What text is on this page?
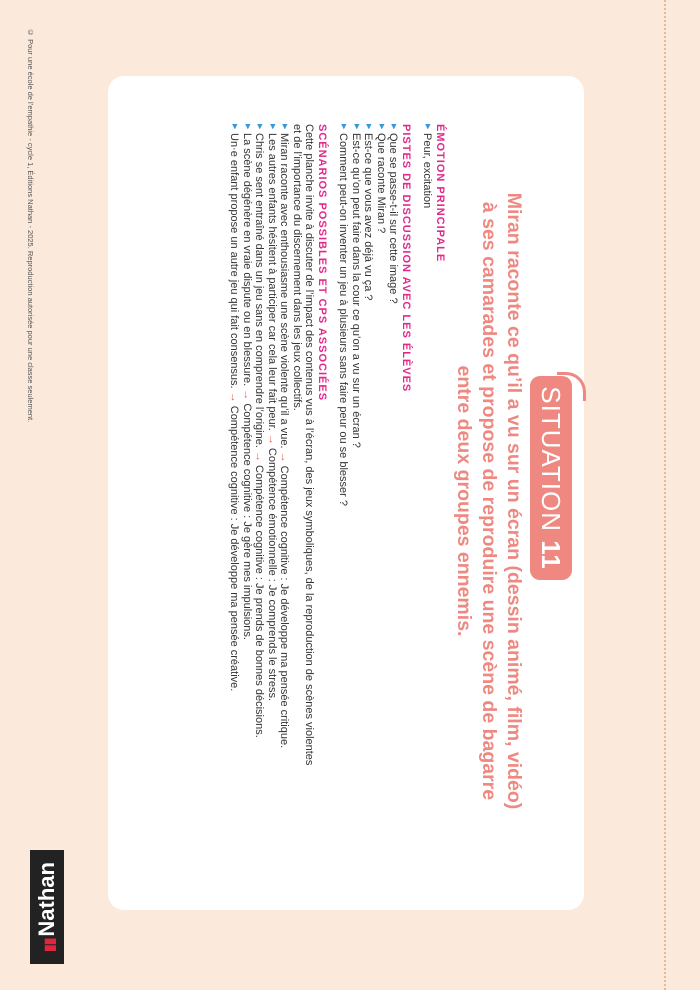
© Pour une école de l’empathie - cycle 1, Éditions Nathan - 2025. Reproduction autorisée pour une classe seulement.
▮▮Nathan
SITUATION 11
Miran raconte ce qu’il a vu sur un écran (dessin animé, film, vidéo)
à ses camarades et propose de reproduire une scène de bagarre
entre deux groupes ennemis.
ÉMOTION PRINCIPALE
▶ Peur, excitation
PISTES DE DISCUSSION AVEC LES ÉLÈVES
▶ Que se passe-t-il sur cette image ?
▶ Que raconte Miran ?
▶ Est-ce que vous avez déjà vu ça ?
▶ Est-ce qu’on peut faire dans la cour ce qu’on a vu sur un écran ?
▶ Comment peut-on inventer un jeu à plusieurs sans faire peur ou se blesser ?
SCÉNARIOS POSSIBLES ET CPS ASSOCIÉES
Cette planche invite à discuter de l’impact des contenus vus à l’écran, des jeux symboliques, de la reproduction de scènes violentes
et de l’importance du discernement dans les jeux collectifs.
▶ Miran raconte avec enthousiasme une scène violente qu’il a vue. → Compétence cognitive : Je développe ma pensée critique.
▶ Les autres enfants hésitent à participer car cela leur fait peur. → Compétence émotionnelle : Je comprends le stress.
▶ Chris se sent entraîné dans un jeu sans en comprendre l’origine. → Compétence cognitive : Je prends de bonnes décisions.
▶ La scène dégénère en vraie dispute ou en blessure. → Compétence cognitive : Je gère mes impulsions.
▶ Un·e enfant propose un autre jeu qui fait consensus. → Compétence cognitive : Je développe ma pensée créative.
